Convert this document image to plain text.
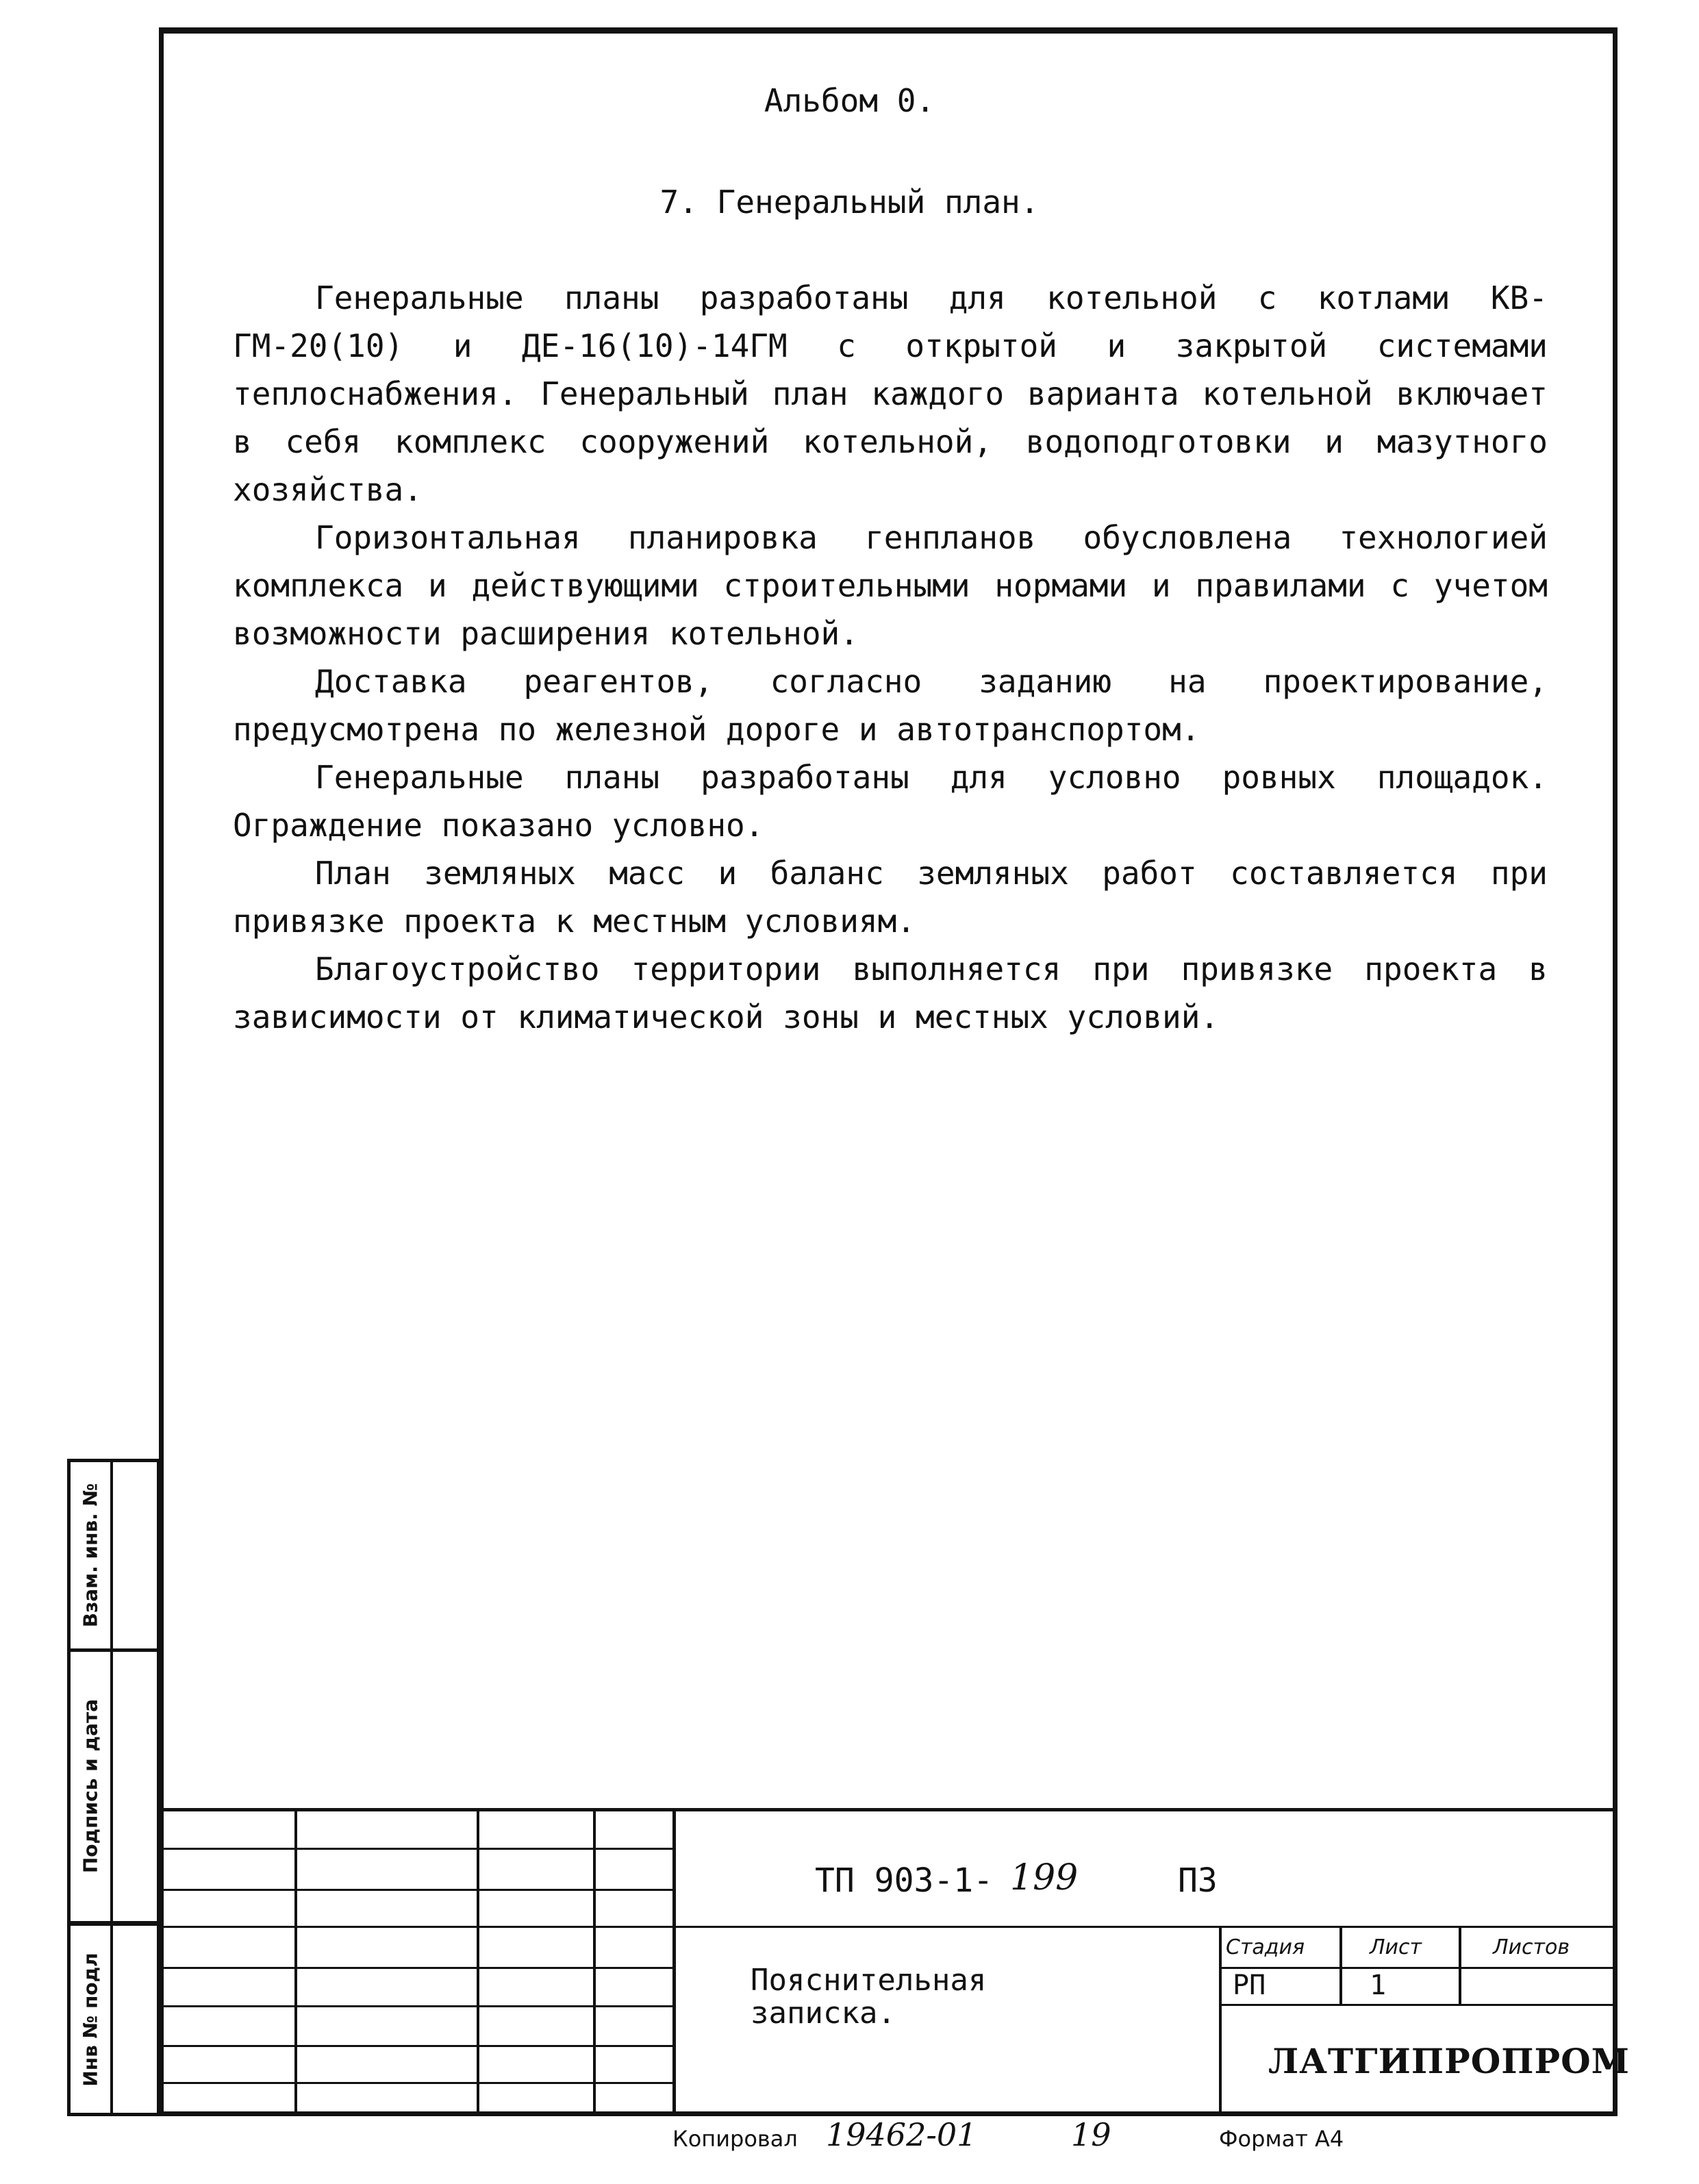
Альбом 0.
7. Генеральный план.

Генеральные планы разработаны для котельной с котлами КВ-ГМ-20(10) и ДЕ-16(10)-14ГМ с открытой и закрытой системами теплоснабжения. Генеральный план каждого варианта котельной включает в себя комплекс сооружений котельной, водоподготовки и мазутного хозяйства.

Горизонтальная планировка генпланов обусловлена технологией комплекса и действующими строительными нормами и правилами с учетом возможности расширения котельной.

Доставка реагентов, согласно заданию на проектирование, предусмотрена по железной дороге и автотранспортом.

Генеральные планы разработаны для условно ровных площадок. Ограждение показано условно.

План земляных масс и баланс земляных работ составляется при привязке проекта к местным условиям.

Благоустройство территории выполняется при привязке проекта в зависимости от климатической зоны и местных условий.

Взам. инв. №
Подпись и дата
Инв № подл
ТП 903-1- 199	ПЗ
Пояснительная
записка.
Стадия	Лист	Листов
РП	1
ЛАТГИПРОПРОМ
Копировал 19462-01	19	Формат А4
